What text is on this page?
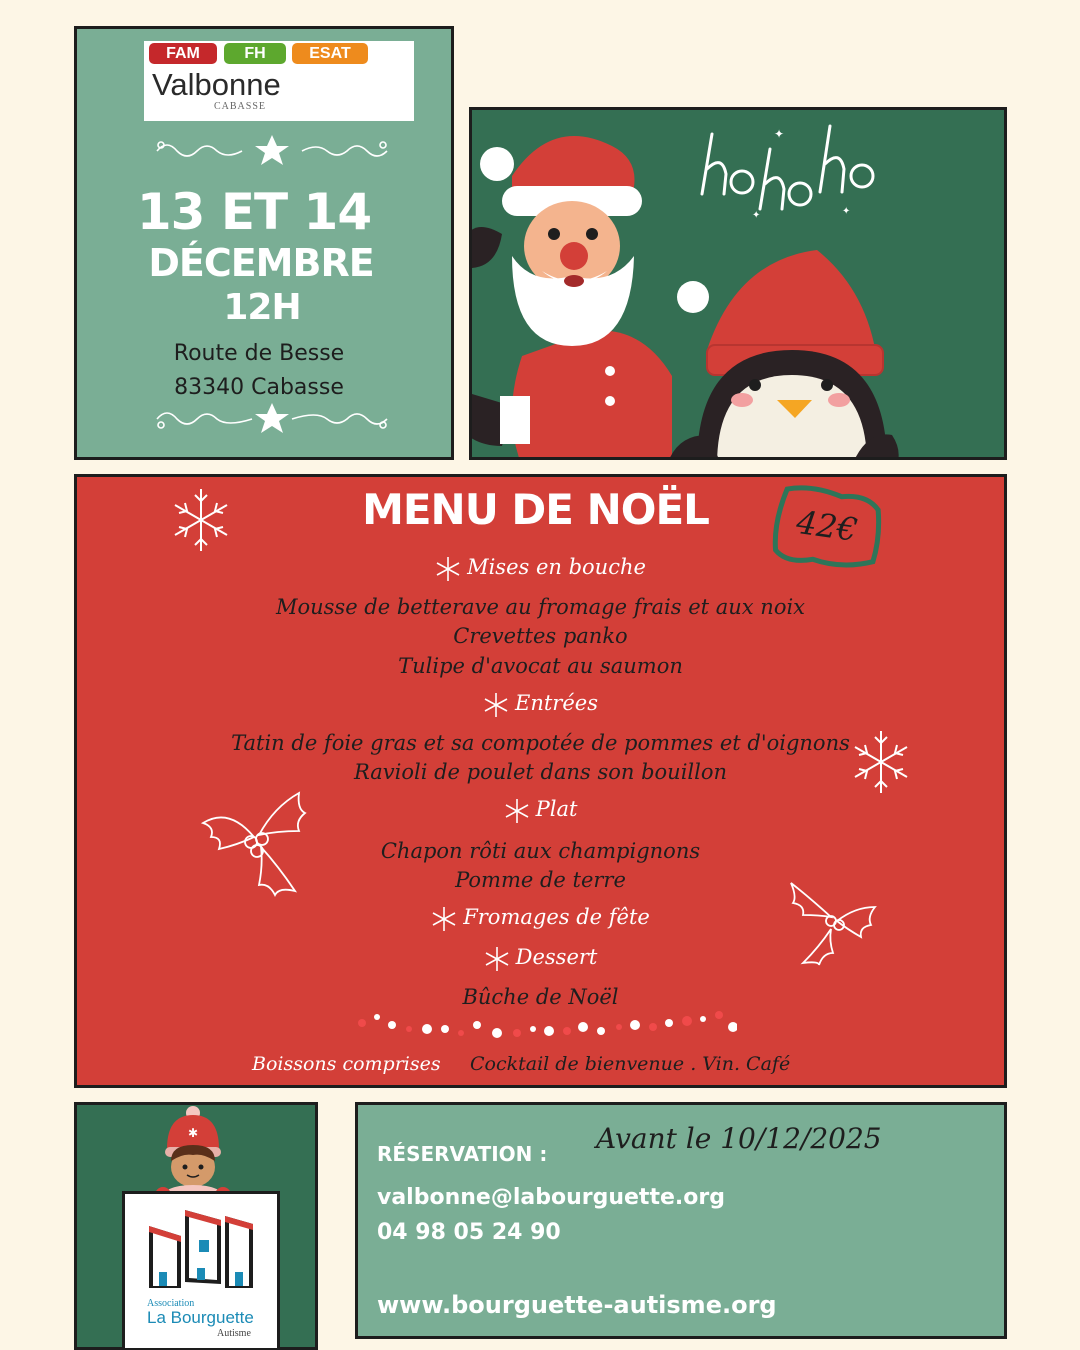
FAM	FH	ESAT
Valbonne
CABASSE
13 ET 14
DÉCEMBRE
12H
Route de Besse
83340 Cabasse
✦
✦	✦
MENU DE NOËL	42€
Mises en bouche
Mousse de betterave au fromage frais et aux noix
Crevettes panko
Tulipe d'avocat au saumon
Entrées
Tatin de foie gras et sa compotée de pommes et d'oignons
Ravioli de poulet dans son bouillon
Plat
Chapon rôti aux champignons
Pomme de terre
Fromages de fête
Dessert
Bûche de Noël
Boissons comprises Cocktail de bienvenue . Vin. Café
✱
Association
La Bourguette
Autisme
RÉSERVATION : Avant le 10/12/2025
valbonne@labourguette.org
04 98 05 24 90
www.bourguette-autisme.org
